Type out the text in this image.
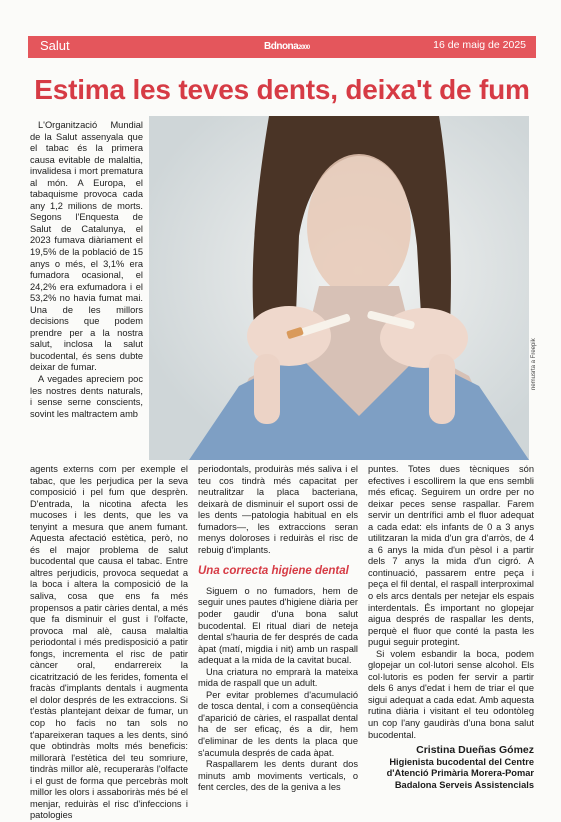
Salut	Bdnona2000	16 de maig de 2025
Estima les teves dents, deixa't de fum

L'Organització Mundial de la Salut assenyala que el tabac és la primera causa evitable de malaltia, invalidesa i mort prematura al món. A Europa, el tabaquisme provoca cada any 1,2 milions de morts. Segons l'Enquesta de Salut de Catalunya, el 2023 fumava diàriament el 19,5% de la població de 15 anys o més, el 3,1% era fumadora ocasional, el 24,2% era exfumadora i el 53,2% no havia fumat mai. Una de les millors decisions que podem prendre per a la nostra salut, inclosa la salut bucodental, és sens dubte deixar de fumar.

A vegades apreciem poc les nostres dents naturals, i sense serne conscients, sovint les maltractem amb

nemusrta a Freepik

agents externs com per exemple el tabac, que les perjudica per la seva composició i pel fum que desprèn. D'entrada, la nicotina afecta les mucoses i les dents, que les va tenyint a mesura que anem fumant. Aquesta afectació estètica, però, no és el major problema de salut bucodental que causa el tabac. Entre altres perjudicis, provoca sequedat a la boca i altera la composició de la saliva, cosa que ens fa més propensos a patir càries dental, a més que fa disminuir el gust i l'olfacte, provoca mal alè, causa malaltia periodontal i més predisposició a patir fongs, incrementa el risc de patir càncer oral, endarrereix la cicatrització de les ferides, fomenta el fracàs d'implants dentals i augmenta el dolor després de les extraccions. Si t'estàs plantejant deixar de fumar, un cop ho facis no tan sols no t'apareixeran taques a les dents, sinó que obtindràs molts més beneficis: millorarà l'estètica del teu somriure, tindràs millor alè, recuperaràs l'olfacte i el gust de forma que percebràs molt millor les olors i assaboriràs més bé el menjar, reduiràs el risc d'infeccions i patologies

periodontals, produiràs més saliva i el teu cos tindrà més capacitat per neutralitzar la placa bacteriana, deixarà de disminuir el suport ossi de les dents —patologia habitual en els fumadors—, les extraccions seran menys doloroses i reduiràs el risc de rebuig d'implants.

Una correcta higiene dental

Siguem o no fumadors, hem de seguir unes pautes d'higiene diària per poder gaudir d'una bona salut bucodental. El ritual diari de neteja dental s'hauria de fer després de cada àpat (matí, migdia i nit) amb un raspall adequat a la mida de la cavitat bucal.

Una criatura no emprarà la mateixa mida de raspall que un adult.

Per evitar problemes d'acumulació de tosca dental, i com a conseqüència d'aparició de càries, el raspallat dental ha de ser eficaç, és a dir, hem d'eliminar de les dents la placa que s'acumula després de cada àpat.

Raspallarem les dents durant dos minuts amb moviments verticals, o fent cercles, des de la geniva a les

puntes. Totes dues tècniques són efectives i escollirem la que ens sembli més eficaç. Seguirem un ordre per no deixar peces sense raspallar. Farem servir un dentrífici amb el fluor adequat a cada edat: els infants de 0 a 3 anys utilitzaran la mida d'un gra d'arròs, de 4 a 6 anys la mida d'un pèsol i a partir dels 7 anys la mida d'un cigró. A continuació, passarem entre peça i peça el fil dental, el raspall interproximal o els arcs dentals per netejar els espais interdentals. És important no glopejar aigua després de raspallar les dents, perquè el fluor que conté la pasta les pugui seguir protegint.

Si volem esbandir la boca, podem glopejar un col·lutori sense alcohol. Els col·lutoris es poden fer servir a partir dels 6 anys d'edat i hem de triar el que sigui adequat a cada edat. Amb aquesta rutina diària i visitant el teu odontòleg un cop l'any gaudiràs d'una bona salut bucodental.

Cristina Dueñas Gómez
Higienista bucodental del Centre
d'Atenció Primària Morera-Pomar
Badalona Serveis Assistencials
